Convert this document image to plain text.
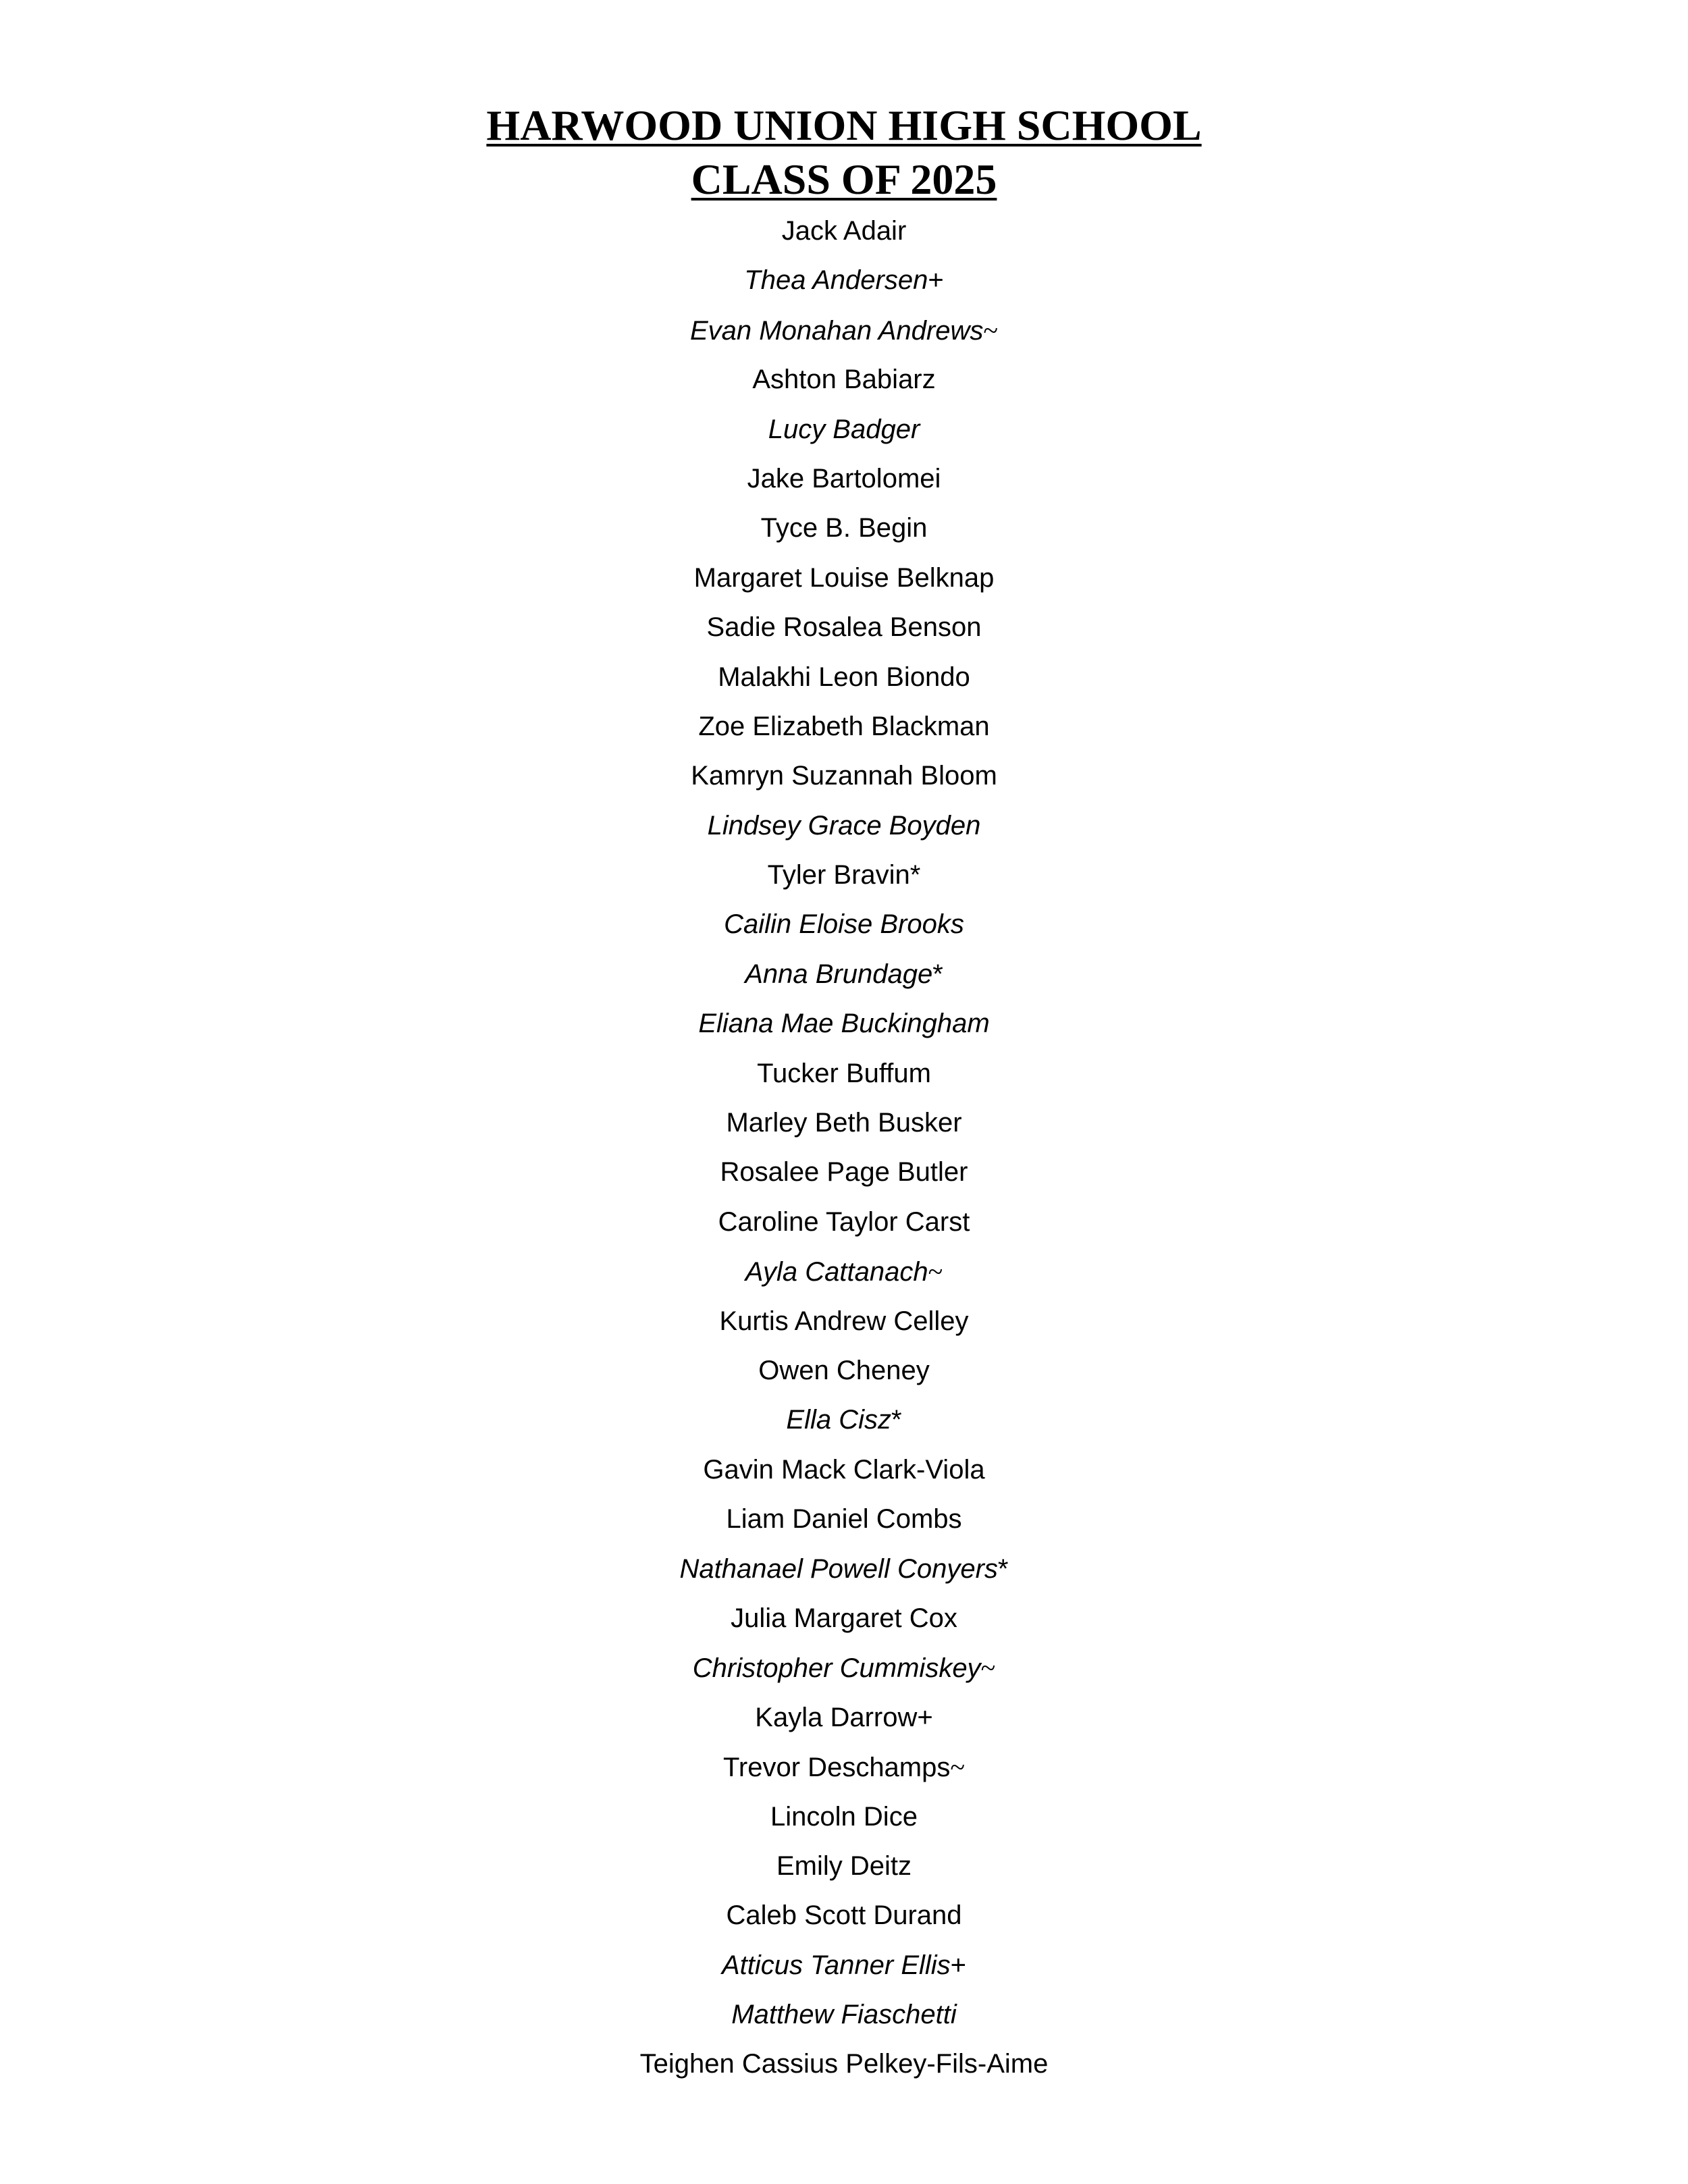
HARWOOD UNION HIGH SCHOOL
CLASS OF 2025
Jack Adair
Thea Andersen+
Evan Monahan Andrews~
Ashton Babiarz
Lucy Badger
Jake Bartolomei
Tyce B. Begin
Margaret Louise Belknap
Sadie Rosalea Benson
Malakhi Leon Biondo
Zoe Elizabeth Blackman
Kamryn Suzannah Bloom
Lindsey Grace Boyden
Tyler Bravin*
Cailin Eloise Brooks
Anna Brundage*
Eliana Mae Buckingham
Tucker Buffum
Marley Beth Busker
Rosalee Page Butler
Caroline Taylor Carst
Ayla Cattanach~
Kurtis Andrew Celley
Owen Cheney
Ella Cisz*
Gavin Mack Clark-Viola
Liam Daniel Combs
Nathanael Powell Conyers*
Julia Margaret Cox
Christopher Cummiskey~
Kayla Darrow+
Trevor Deschamps~
Lincoln Dice
Emily Deitz
Caleb Scott Durand
Atticus Tanner Ellis+
Matthew Fiaschetti
Teighen Cassius Pelkey-Fils-Aime
